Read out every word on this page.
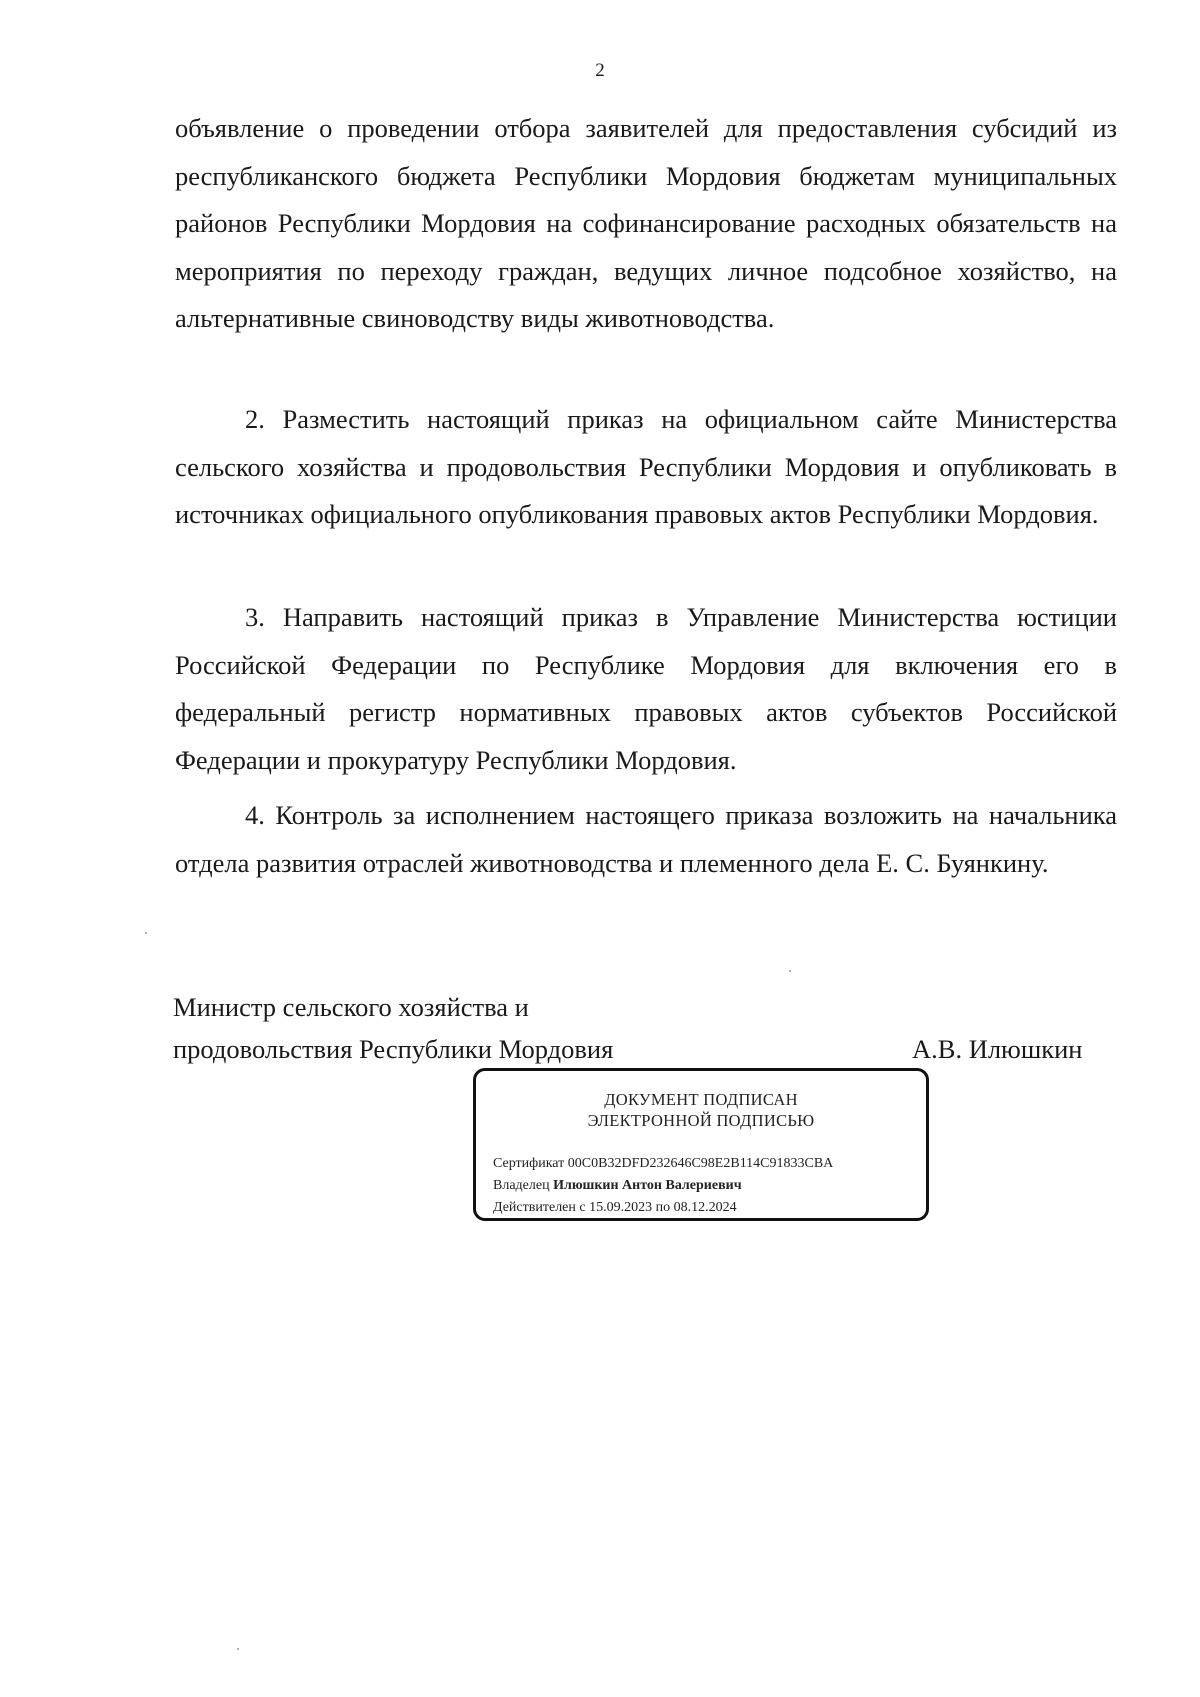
2

объявление о проведении отбора заявителей для предоставления субсидий из республиканского бюджета Республики Мордовия бюджетам муниципальных районов Республики Мордовия на софинансирование расходных обязательств на мероприятия по переходу граждан, ведущих личное подсобное хозяйство, на альтернативные свиноводству виды животноводства.

2. Разместить настоящий приказ на официальном сайте Министерства сельского хозяйства и продовольствия Республики Мордовия и опубликовать в источниках официального опубликования правовых актов Республики Мордовия.

3. Направить настоящий приказ в Управление Министерства юстиции Российской Федерации по Республике Мордовия для включения его в федеральный регистр нормативных правовых актов субъектов Российской Федерации и прокуратуру Республики Мордовия.

4. Контроль за исполнением настоящего приказа возложить на начальника отдела развития отраслей животноводства и племенного дела Е. С. Буянкину.

Министр сельского хозяйства и
продовольствия Республики Мордовия	А.В. Илюшкин
ДОКУМЕНТ ПОДПИСАН
ЭЛЕКТРОННОЙ ПОДПИСЬЮ
Сертификат 00C0B32DFD232646C98E2B114C91833CBA
Владелец Илюшкин Антон Валериевич
Действителен с 15.09.2023 по 08.12.2024
